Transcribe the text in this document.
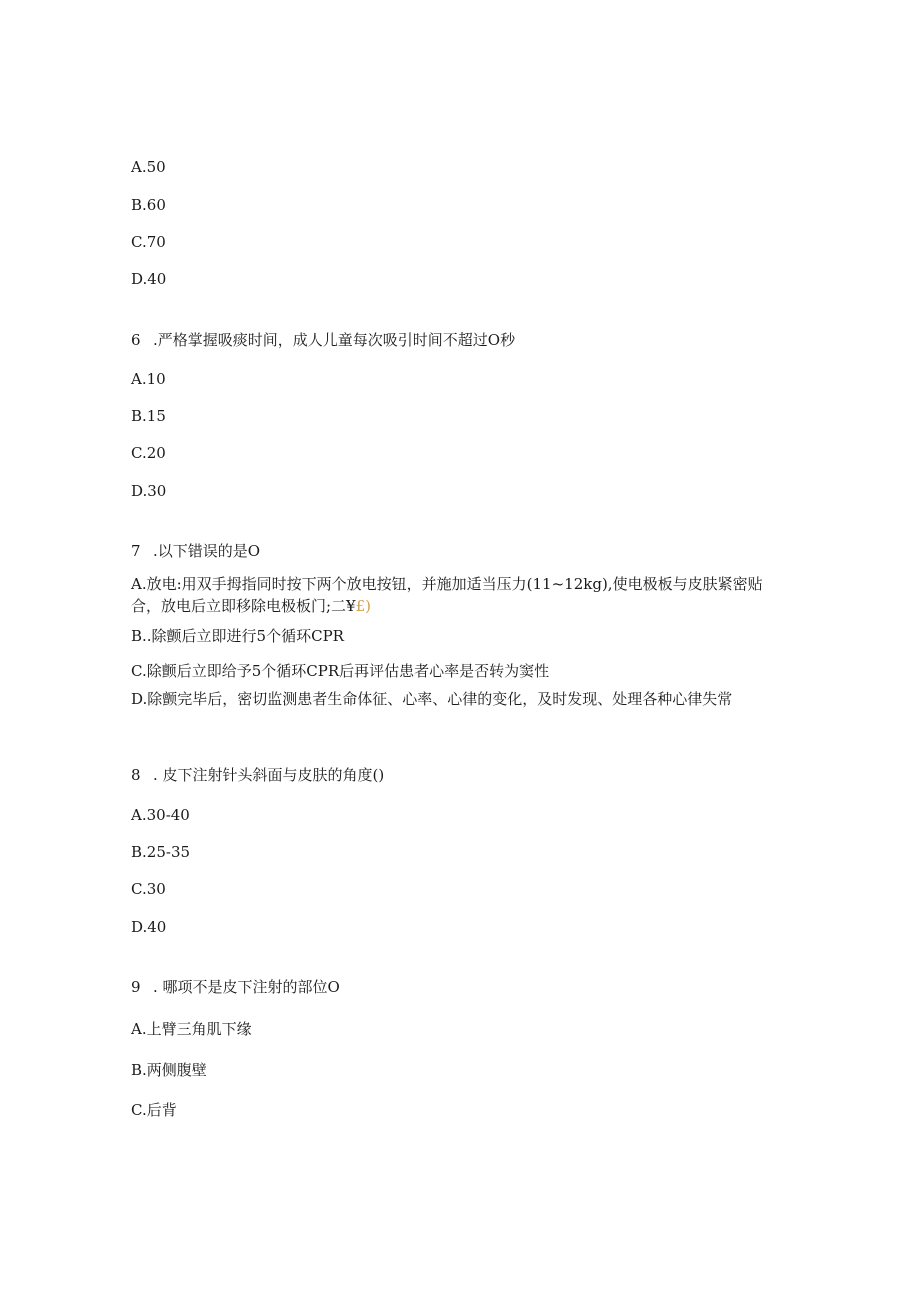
A.50
B.60
C.70
D.40
6 .严格掌握吸痰时间，成人儿童每次吸引时间不超过O秒
A.10
B.15
C.20
D.30
7 .以下错误的是O
A.放电:用双手拇指同时按下两个放电按钮，并施加适当压力(11~12kg),使电极板与皮肤紧密贴合，放电后立即移除电极板门;二¥£)
B..除颤后立即进行5个循环CPR
C.除颤后立即给予5个循环CPR后再评估患者心率是否转为窦性
D.除颤完毕后，密切监测患者生命体征、心率、心律的变化，及时发现、处理各种心律失常
8 . 皮下注射针头斜面与皮肤的角度()
A.30-40
B.25-35
C.30
D.40
9 . 哪项不是皮下注射的部位O
A.上臂三角肌下缘
B.两侧腹壁
C.后背
